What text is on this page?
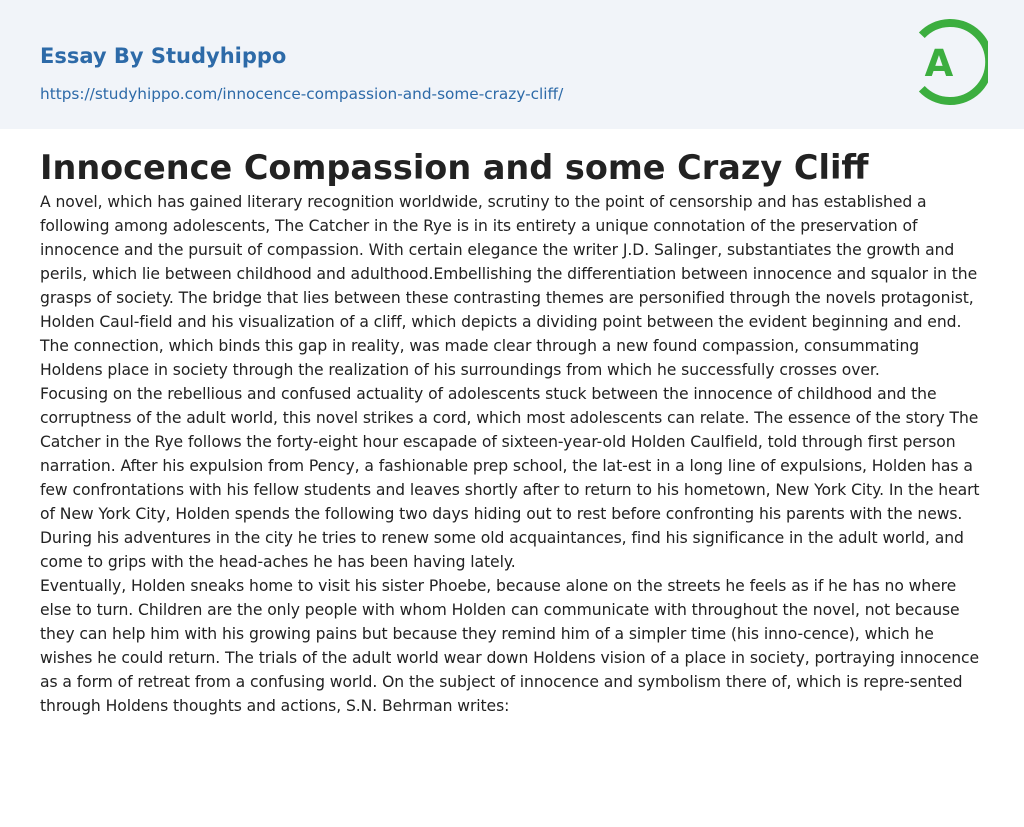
Essay By Studyhippo
https://studyhippo.com/innocence-compassion-and-some-crazy-cliff/
A
Innocence Compassion and some Crazy Cliff

A novel, which has gained literary recognition worldwide, scrutiny to the point of censorship and has established a following among adolescents, The Catcher in the Rye is in its entirety a unique connotation of the preservation of innocence and the pursuit of compassion. With certain elegance the writer J.D. Salinger, substantiates the growth and perils, which lie between childhood and adulthood.Embellishing the differentiation between innocence and squalor in the grasps of society. The bridge that lies between these contrasting themes are personified through the novels protagonist, Holden Caul-field and his visualization of a cliff, which depicts a dividing point between the evident beginning and end. The connection, which binds this gap in reality, was made clear through a new found compassion, consummating Holdens place in society through the realization of his surroundings from which he successfully crosses over.

Focusing on the rebellious and confused actuality of adolescents stuck between the innocence of childhood and the corruptness of the adult world, this novel strikes a cord, which most adolescents can relate. The essence of the story The Catcher in the Rye follows the forty-eight hour escapade of sixteen-year-old Holden Caulfield, told through first person narration. After his expulsion from Pency, a fashionable prep school, the lat-est in a long line of expulsions, Holden has a few confrontations with his fellow students and leaves shortly after to return to his hometown, New York City. In the heart of New York City, Holden spends the following two days hiding out to rest before confronting his parents with the news. During his adventures in the city he tries to renew some old acquaintances, find his significance in the adult world, and come to grips with the head-aches he has been having lately.

Eventually, Holden sneaks home to visit his sister Phoebe, because alone on the streets he feels as if he has no where else to turn. Children are the only people with whom Holden can communicate with throughout the novel, not because they can help him with his growing pains but because they remind him of a simpler time (his inno-cence), which he wishes he could return. The trials of the adult world wear down Holdens vision of a place in society, portraying innocence as a form of retreat from a confusing world. On the subject of innocence and symbolism there of, which is repre-sented through Holdens thoughts and actions, S.N. Behrman writes:
